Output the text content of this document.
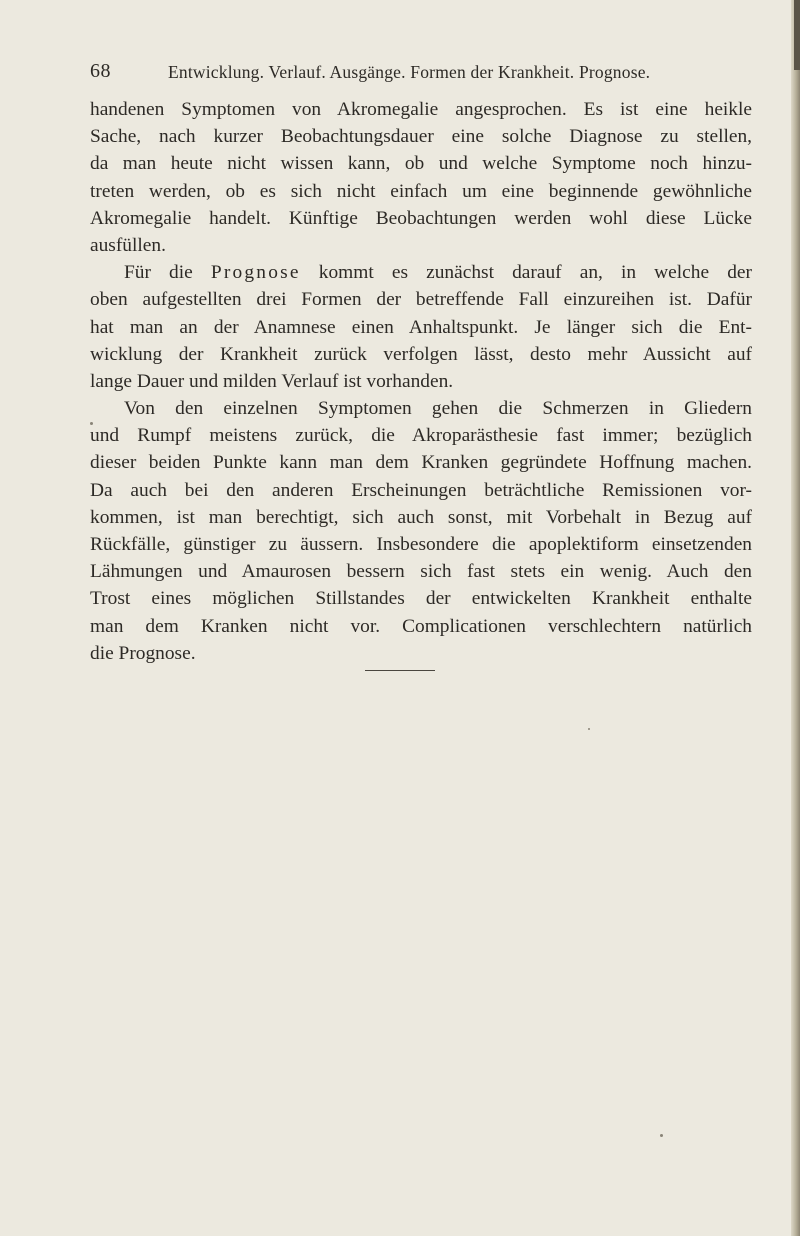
68	Entwicklung. Verlauf. Ausgänge. Formen der Krankheit. Prognose.
handenen Symptomen von Akromegalie angesprochen. Es ist eine heikle
Sache, nach kurzer Beobachtungsdauer eine solche Diagnose zu stellen,
da man heute nicht wissen kann, ob und welche Symptome noch hinzu-
treten werden, ob es sich nicht einfach um eine beginnende gewöhnliche
Akromegalie handelt. Künftige Beobachtungen werden wohl diese Lücke
ausfüllen.
Für die Prognose kommt es zunächst darauf an, in welche der
oben aufgestellten drei Formen der betreffende Fall einzureihen ist. Dafür
hat man an der Anamnese einen Anhaltspunkt. Je länger sich die Ent-
wicklung der Krankheit zurück verfolgen lässt, desto mehr Aussicht auf
lange Dauer und milden Verlauf ist vorhanden.
Von den einzelnen Symptomen gehen die Schmerzen in Gliedern
und Rumpf meistens zurück, die Akroparästhesie fast immer; bezüglich
dieser beiden Punkte kann man dem Kranken gegründete Hoffnung machen.
Da auch bei den anderen Erscheinungen beträchtliche Remissionen vor-
kommen, ist man berechtigt, sich auch sonst, mit Vorbehalt in Bezug auf
Rückfälle, günstiger zu äussern. Insbesondere die apoplektiform einsetzenden
Lähmungen und Amaurosen bessern sich fast stets ein wenig. Auch den
Trost eines möglichen Stillstandes der entwickelten Krankheit enthalte
man dem Kranken nicht vor. Complicationen verschlechtern natürlich
die Prognose.
